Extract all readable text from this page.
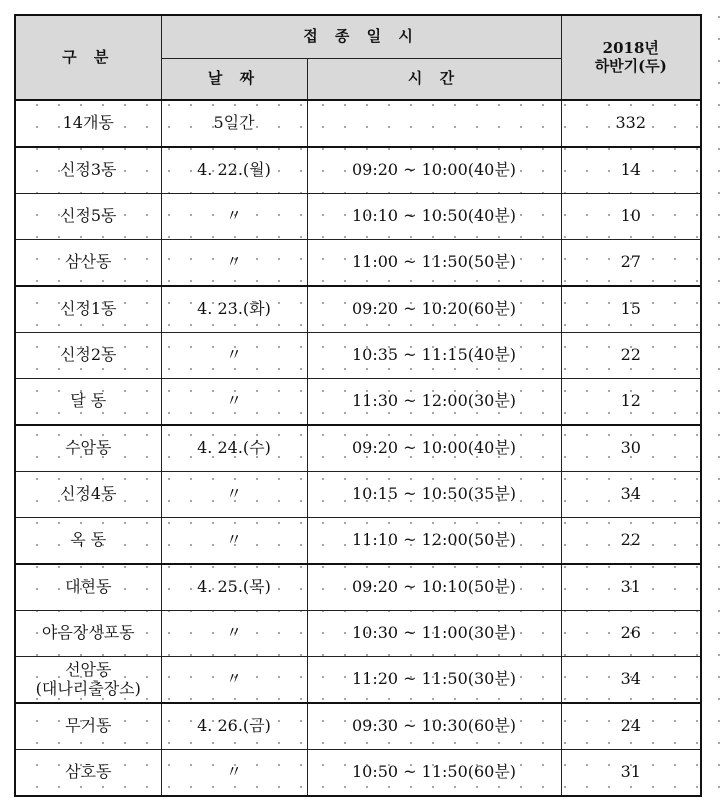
구 분	접 종 일 시		2018년
하반기(두)

	날 짜	시 간	
14개동	5일간		332
신정3동	4. 22.(월)	09:20 ~ 10:00(40분)	14
신정5동	〃	10:10 ~ 10:50(40분)	10
삼산동	〃	11:00 ~ 11:50(50분)	27
신정1동	4. 23.(화)	09:20 ~ 10:20(60분)	15
신정2동	〃	10:35 ~ 11:15(40분)	22
달 동	〃	11:30 ~ 12:00(30분)	12
수암동	4. 24.(수)	09:20 ~ 10:00(40분)	30
신정4동	〃	10:15 ~ 10:50(35분)	34
옥 동	〃	11:10 ~ 12:00(50분)	22
대현동	4. 25.(목)	09:20 ~ 10:10(50분)	31
야음장생포동	〃	10:30 ~ 11:00(30분)	26
선암동
(대나리출장소)	〃	11:20 ~ 11:50(30분)	34
무거동	4. 26.(금)	09:30 ~ 10:30(60분)	24
삼호동	〃	10:50 ~ 11:50(60분)	31
